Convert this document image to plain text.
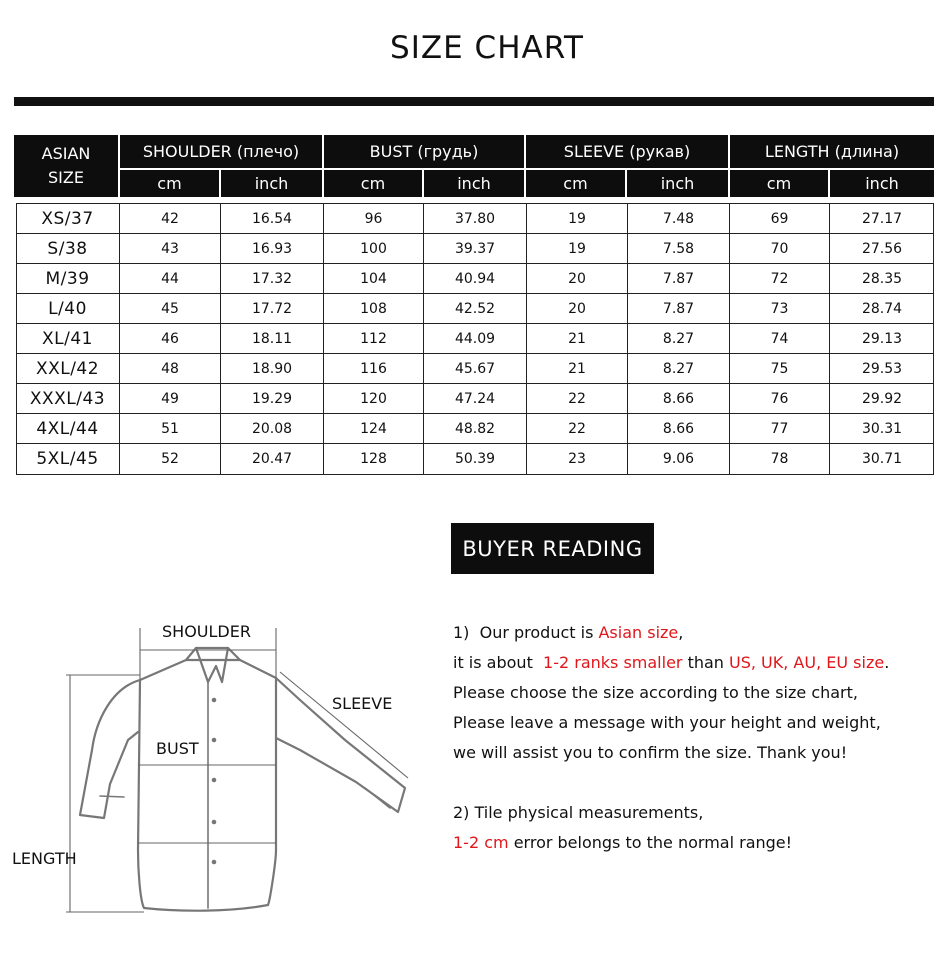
SIZE CHART
ASIAN
SIZE
SHOULDER (плечо)
cm	inch
BUST (грудь)
cm	inch
SLEEVE (рукав)
cm	inch
LENGTH (длина)
cm	inch
XS/37	42	16.54	96	37.80	19	7.48	69	27.17
S/38	43	16.93	100	39.37	19	7.58	70	27.56
M/39	44	17.32	104	40.94	20	7.87	72	28.35
L/40	45	17.72	108	42.52	20	7.87	73	28.74
XL/41	46	18.11	112	44.09	21	8.27	74	29.13
XXL/42	48	18.90	116	45.67	21	8.27	75	29.53
XXXL/43	49	19.29	120	47.24	22	8.66	76	29.92
4XL/44	51	20.08	124	48.82	22	8.66	77	30.31
5XL/45	52	20.47	128	50.39	23	9.06	78	30.71
BUYER READING
1)  Our product is Asian size,
it is about  1-2 ranks smaller than US, UK, AU, EU size.
Please choose the size according to the size chart,
Please leave a message with your height and weight,
we will assist you to confirm the size. Thank you!
2) Tile physical measurements,
1-2 cm error belongs to the normal range!
SHOULDER
SLEEVE
BUST
LENGTH
